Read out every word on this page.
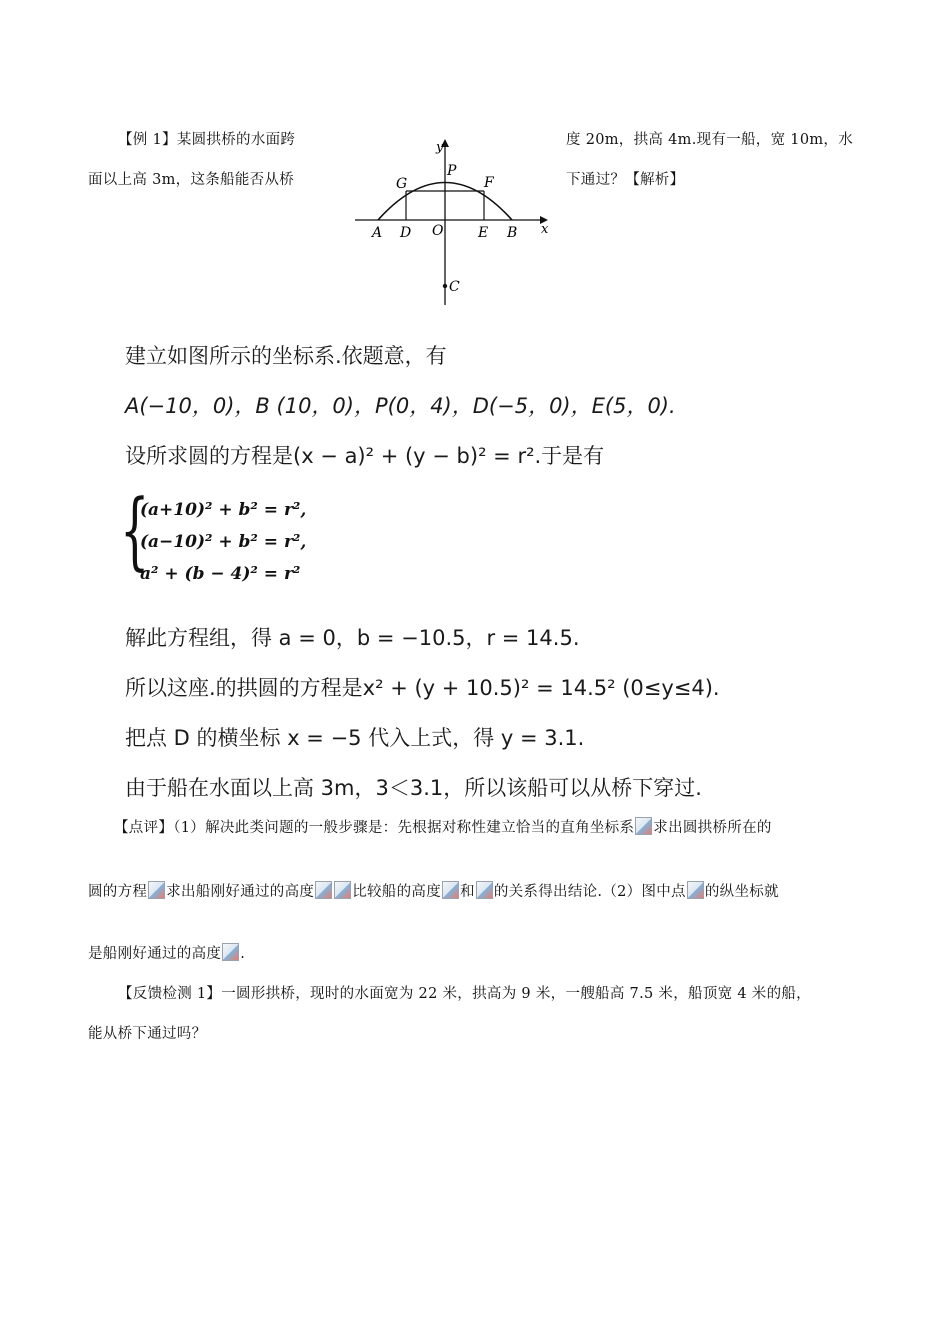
【例 1】某圆拱桥的水面跨	度 20m，拱高 4m.现有一船，宽 10m，水
面以上高 3m，这条船能否从桥	下通过？【解析】
y
x
P
G	F
A D O E B
C
建立如图所示的坐标系.依题意，有
A(−10，0)，B (10，0)，P(0，4)，D(−5，0)，E(5，0).
设所求圆的方程是(x − a)² + (y − b)² = r².于是有
{
(a+10)² + b² = r²,
(a−10)² + b² = r²,
a² + (b − 4)² = r²
解此方程组，得 a = 0，b = −10.5，r = 14.5.
所以这座.的拱圆的方程是x² + (y + 10.5)² = 14.5² (0≤y≤4).
把点 D 的横坐标 x = −5 代入上式，得 y = 3.1.
由于船在水面以上高 3m，3＜3.1，所以该船可以从桥下穿过.
【点评】（1）解决此类问题的一般步骤是：先根据对称性建立恰当的直角坐标系 求出圆拱桥所在的
圆的方程 求出船刚好通过的高度	比较船的高度 和 的关系得出结论.（2）图中点 的纵坐标就
是船刚好通过的高度 .
【反馈检测 1】一圆形拱桥，现时的水面宽为 22 米，拱高为 9 米，一艘船高 7.5 米，船顶宽 4 米的船，
能从桥下通过吗？
